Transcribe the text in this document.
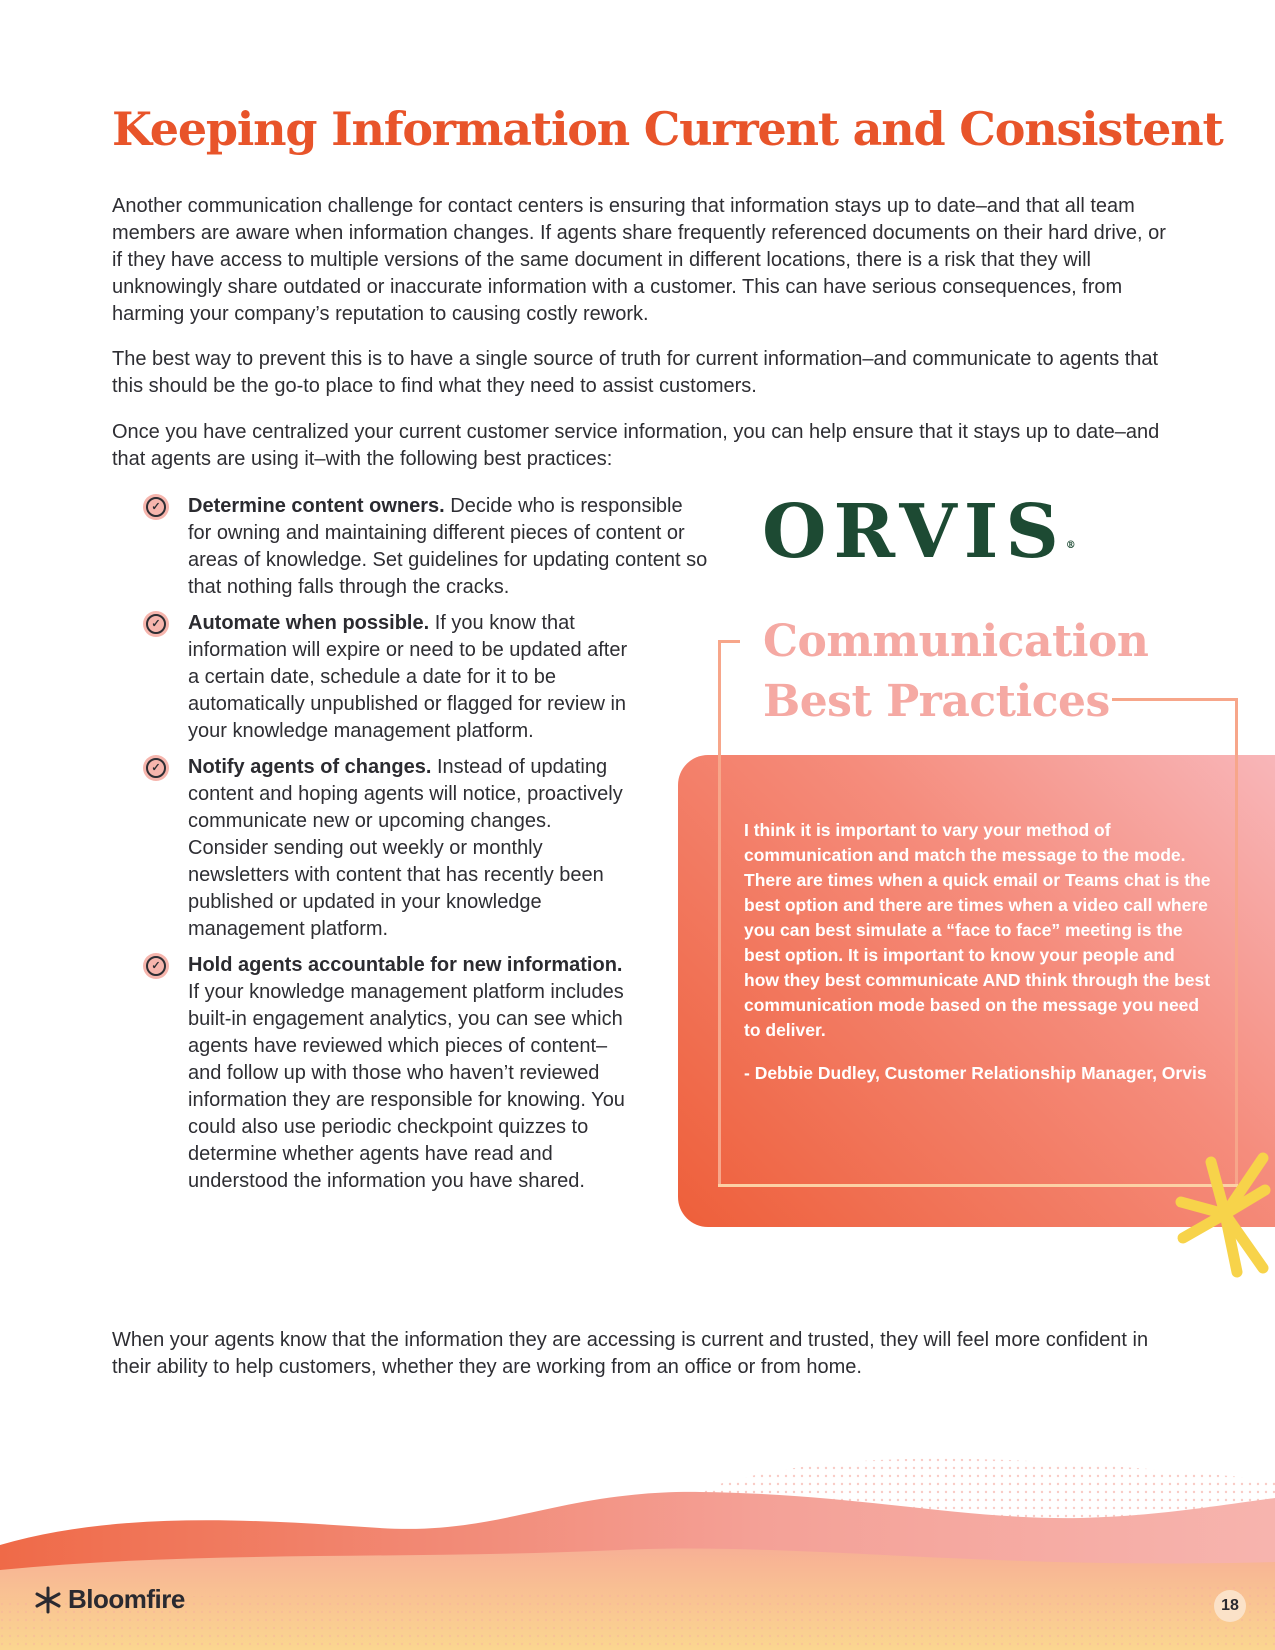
Keeping Information Current and Consistent

Another communication challenge for contact centers is ensuring that information stays up to date–and that all team members are aware when information changes. If agents share frequently referenced documents on their hard drive, or if they have access to multiple versions of the same document in different locations, there is a risk that they will unknowingly share outdated or inaccurate information with a customer. This can have serious consequences, from harming your company’s reputation to causing costly rework.

The best way to prevent this is to have a single source of truth for current information–and communicate to agents that this should be the go-to place to find what they need to assist customers.

Once you have centralized your current customer service information, you can help ensure that it stays up to date–and that agents are using it–with the following best practices:

✓ Determine content owners. Decide who is responsible for owning and maintaining different pieces of content or areas of knowledge. Set guidelines for updating content so that nothing falls through the cracks.
✓ Automate when possible. If you know that information will expire or need to be updated after a certain date, schedule a date for it to be automatically unpublished or flagged for review in your knowledge management platform.
✓ Notify agents of changes. Instead of updating content and hoping agents will notice, proactively communicate new or upcoming changes. Consider sending out weekly or monthly newsletters with content that has recently been published or updated in your knowledge management platform.
✓ Hold agents accountable for new information. If your knowledge management platform includes built-in engagement analytics, you can see which agents have reviewed which pieces of content–and follow up with those who haven’t reviewed information they are responsible for knowing. You could also use periodic checkpoint quizzes to determine whether agents have read and understood the information you have shared.
ORVIS®
Communication
Best Practices

I think it is important to vary your method of communication and match the message to the mode. There are times when a quick email or Teams chat is the best option and there are times when a video call where you can best simulate a “face to face” meeting is the best option. It is important to know your people and how they best communicate AND think through the best communication mode based on the message you need to deliver.

- Debbie Dudley, Customer Relationship Manager, Orvis

When your agents know that the information they are accessing is current and trusted, they will feel more confident in their ability to help customers, whether they are working from an office or from home.

Bloomfire	18
